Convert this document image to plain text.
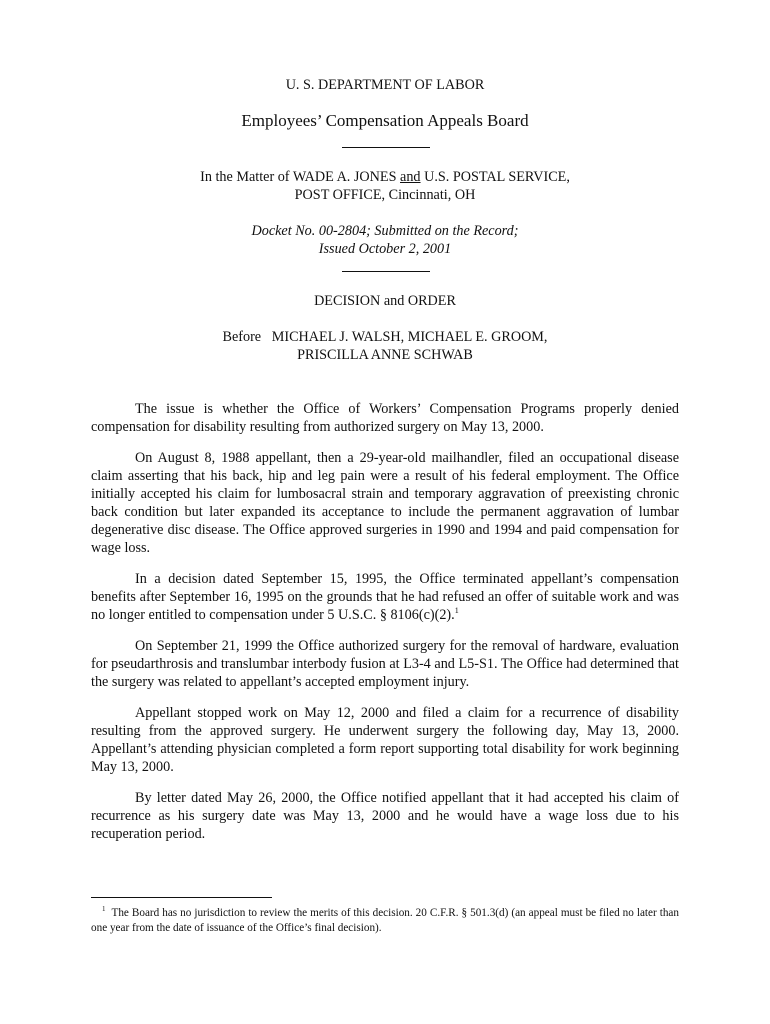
U. S. DEPARTMENT OF LABOR
Employees’ Compensation Appeals Board
In the Matter of WADE A. JONES and U.S. POSTAL SERVICE,
POST OFFICE, Cincinnati, OH
Docket No. 00-2804; Submitted on the Record;
Issued October 2, 2001
DECISION and ORDER
Before   MICHAEL J. WALSH, MICHAEL E. GROOM,
PRISCILLA ANNE SCHWAB

The issue is whether the Office of Workers’ Compensation Programs properly denied compensation for disability resulting from authorized surgery on May 13, 2000.

On August 8, 1988 appellant, then a 29-year-old mailhandler, filed an occupational disease claim asserting that his back, hip and leg pain were a result of his federal employment. The Office initially accepted his claim for lumbosacral strain and temporary aggravation of preexisting chronic back condition but later expanded its acceptance to include the permanent aggravation of lumbar degenerative disc disease. The Office approved surgeries in 1990 and 1994 and paid compensation for wage loss.

In a decision dated September 15, 1995, the Office terminated appellant’s compensation benefits after September 16, 1995 on the grounds that he had refused an offer of suitable work and was no longer entitled to compensation under 5 U.S.C. § 8106(c)(2).$^1$

On September 21, 1999 the Office authorized surgery for the removal of hardware, evaluation for pseudarthrosis and translumbar interbody fusion at L3-4 and L5-S1. The Office had determined that the surgery was related to appellant’s accepted employment injury.

Appellant stopped work on May 12, 2000 and filed a claim for a recurrence of disability resulting from the approved surgery. He underwent surgery the following day, May 13, 2000. Appellant’s attending physician completed a form report supporting total disability for work beginning May 13, 2000.

By letter dated May 26, 2000, the Office notified appellant that it had accepted his claim of recurrence as his surgery date was May 13, 2000 and he would have a wage loss due to his recuperation period.

$^1$ The Board has no jurisdiction to review the merits of this decision. 20 C.F.R. § 501.3(d) (an appeal must be filed no later than one year from the date of issuance of the Office’s final decision).
